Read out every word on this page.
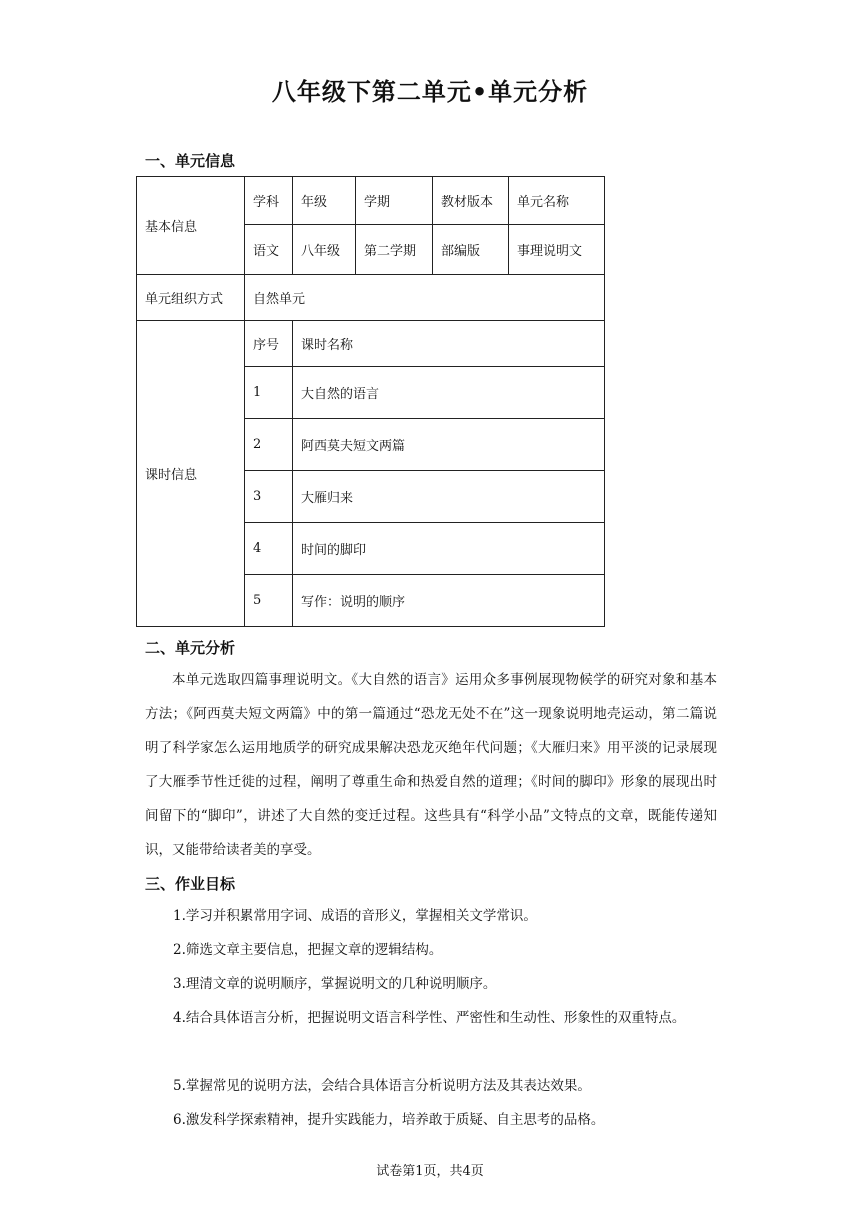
八年级下第二单元•单元分析
一、单元信息
基本信息	学科	年级	学期	教材版本	单元名称
	语文	八年级	第二学期	部编版	事理说明文
单元组织方式	自然单元				
课时信息	序号	课时名称			
	1	大自然的语言			
	2	阿西莫夫短文两篇			
	3	大雁归来			
	4	时间的脚印			
	5	写作：说明的顺序			
二、单元分析
本单元选取四篇事理说明文。《大自然的语言》运用众多事例展现物候学的研究对象和基本方法；《阿西莫夫短文两篇》中的第一篇通过“恐龙无处不在”这一现象说明地壳运动，第二篇说明了科学家怎么运用地质学的研究成果解决恐龙灭绝年代问题；《大雁归来》用平淡的记录展现了大雁季节性迁徙的过程，阐明了尊重生命和热爱自然的道理；《时间的脚印》形象的展现出时间留下的“脚印”，讲述了大自然的变迁过程。这些具有“科学小品”文特点的文章，既能传递知识，又能带给读者美的享受。
三、作业目标
1.学习并积累常用字词、成语的音形义，掌握相关文学常识。
2.筛选文章主要信息，把握文章的逻辑结构。
3.理清文章的说明顺序，掌握说明文的几种说明顺序。
4.结合具体语言分析，把握说明文语言科学性、严密性和生动性、形象性的双重特点。
5.掌握常见的说明方法，会结合具体语言分析说明方法及其表达效果。
6.激发科学探索精神，提升实践能力，培养敢于质疑、自主思考的品格。
试卷第1页，共4页
